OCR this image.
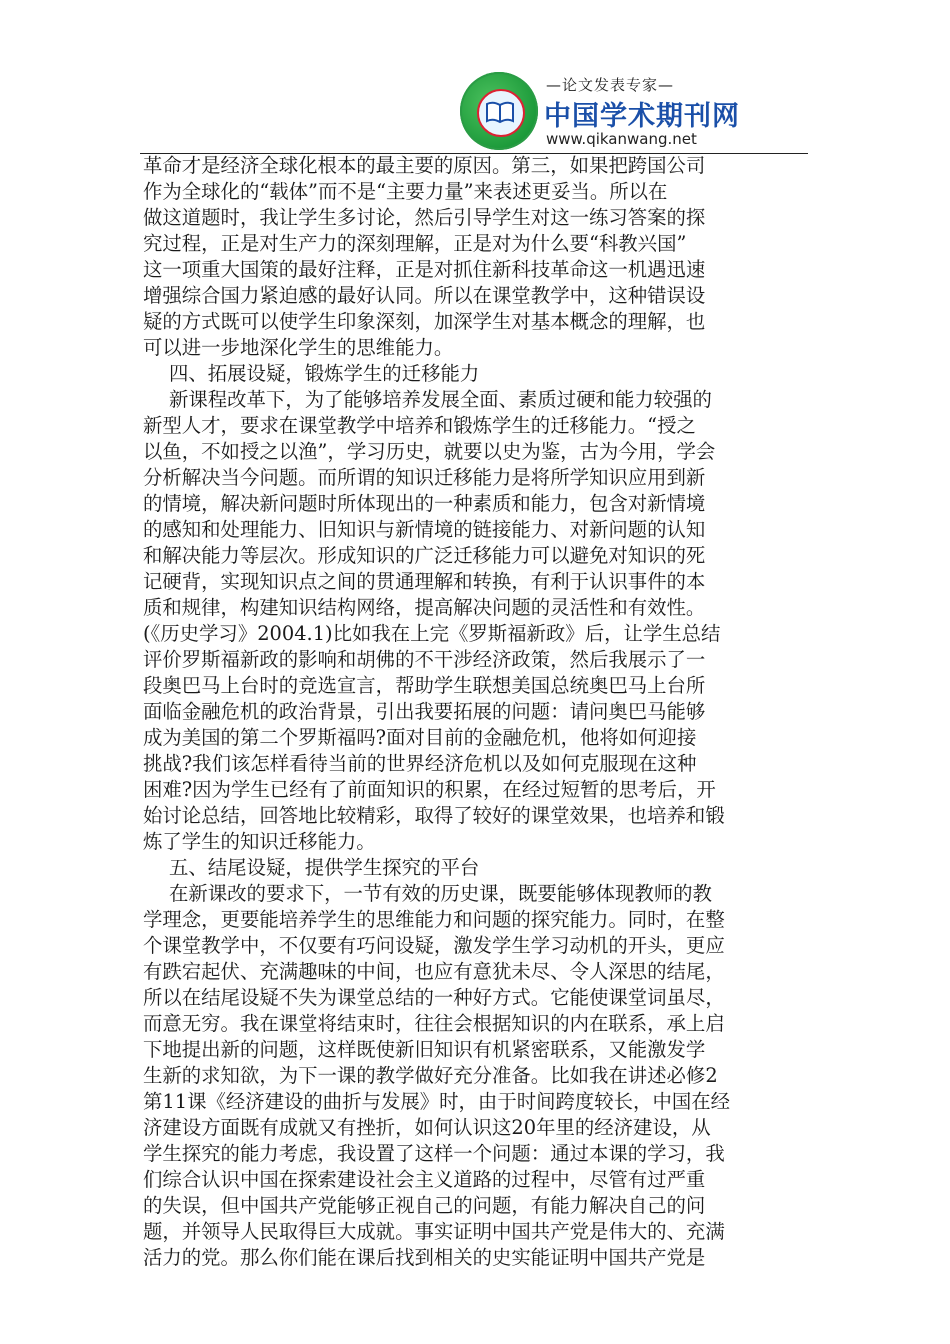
—论文发表专家—
中国学术期刊网
www.qikanwang.net
革命才是经济全球化根本的最主要的原因。第三，如果把跨国公司
作为全球化的“载体”而不是“主要力量”来表述更妥当。所以在
做这道题时，我让学生多讨论，然后引导学生对这一练习答案的探
究过程，正是对生产力的深刻理解，正是对为什么要“科教兴国”
这一项重大国策的最好注释，正是对抓住新科技革命这一机遇迅速
增强综合国力紧迫感的最好认同。所以在课堂教学中，这种错误设
疑的方式既可以使学生印象深刻，加深学生对基本概念的理解，也
可以进一步地深化学生的思维能力。
四、拓展设疑，锻炼学生的迁移能力
新课程改革下，为了能够培养发展全面、素质过硬和能力较强的
新型人才，要求在课堂教学中培养和锻炼学生的迁移能力。“授之
以鱼，不如授之以渔”，学习历史，就要以史为鉴，古为今用，学会
分析解决当今问题。而所谓的知识迁移能力是将所学知识应用到新
的情境，解决新问题时所体现出的一种素质和能力，包含对新情境
的感知和处理能力、旧知识与新情境的链接能力、对新问题的认知
和解决能力等层次。形成知识的广泛迁移能力可以避免对知识的死
记硬背，实现知识点之间的贯通理解和转换，有利于认识事件的本
质和规律，构建知识结构网络，提高解决问题的灵活性和有效性。
(《历史学习》2004.1)比如我在上完《罗斯福新政》后，让学生总结
评价罗斯福新政的影响和胡佛的不干涉经济政策，然后我展示了一
段奥巴马上台时的竞选宣言，帮助学生联想美国总统奥巴马上台所
面临金融危机的政治背景，引出我要拓展的问题：请问奥巴马能够
成为美国的第二个罗斯福吗?面对目前的金融危机，他将如何迎接
挑战?我们该怎样看待当前的世界经济危机以及如何克服现在这种
困难?因为学生已经有了前面知识的积累，在经过短暂的思考后，开
始讨论总结，回答地比较精彩，取得了较好的课堂效果，也培养和锻
炼了学生的知识迁移能力。
五、结尾设疑，提供学生探究的平台
在新课改的要求下，一节有效的历史课，既要能够体现教师的教
学理念，更要能培养学生的思维能力和问题的探究能力。同时，在整
个课堂教学中，不仅要有巧问设疑，激发学生学习动机的开头，更应
有跌宕起伏、充满趣味的中间，也应有意犹未尽、令人深思的结尾，
所以在结尾设疑不失为课堂总结的一种好方式。它能使课堂词虽尽，
而意无穷。我在课堂将结束时，往往会根据知识的内在联系，承上启
下地提出新的问题，这样既使新旧知识有机紧密联系，又能激发学
生新的求知欲，为下一课的教学做好充分准备。比如我在讲述必修2
第11课《经济建设的曲折与发展》时，由于时间跨度较长，中国在经
济建设方面既有成就又有挫折，如何认识这20年里的经济建设，从
学生探究的能力考虑，我设置了这样一个问题：通过本课的学习，我
们综合认识中国在探索建设社会主义道路的过程中，尽管有过严重
的失误，但中国共产党能够正视自己的问题，有能力解决自己的问
题，并领导人民取得巨大成就。事实证明中国共产党是伟大的、充满
活力的党。那么你们能在课后找到相关的史实能证明中国共产党是
